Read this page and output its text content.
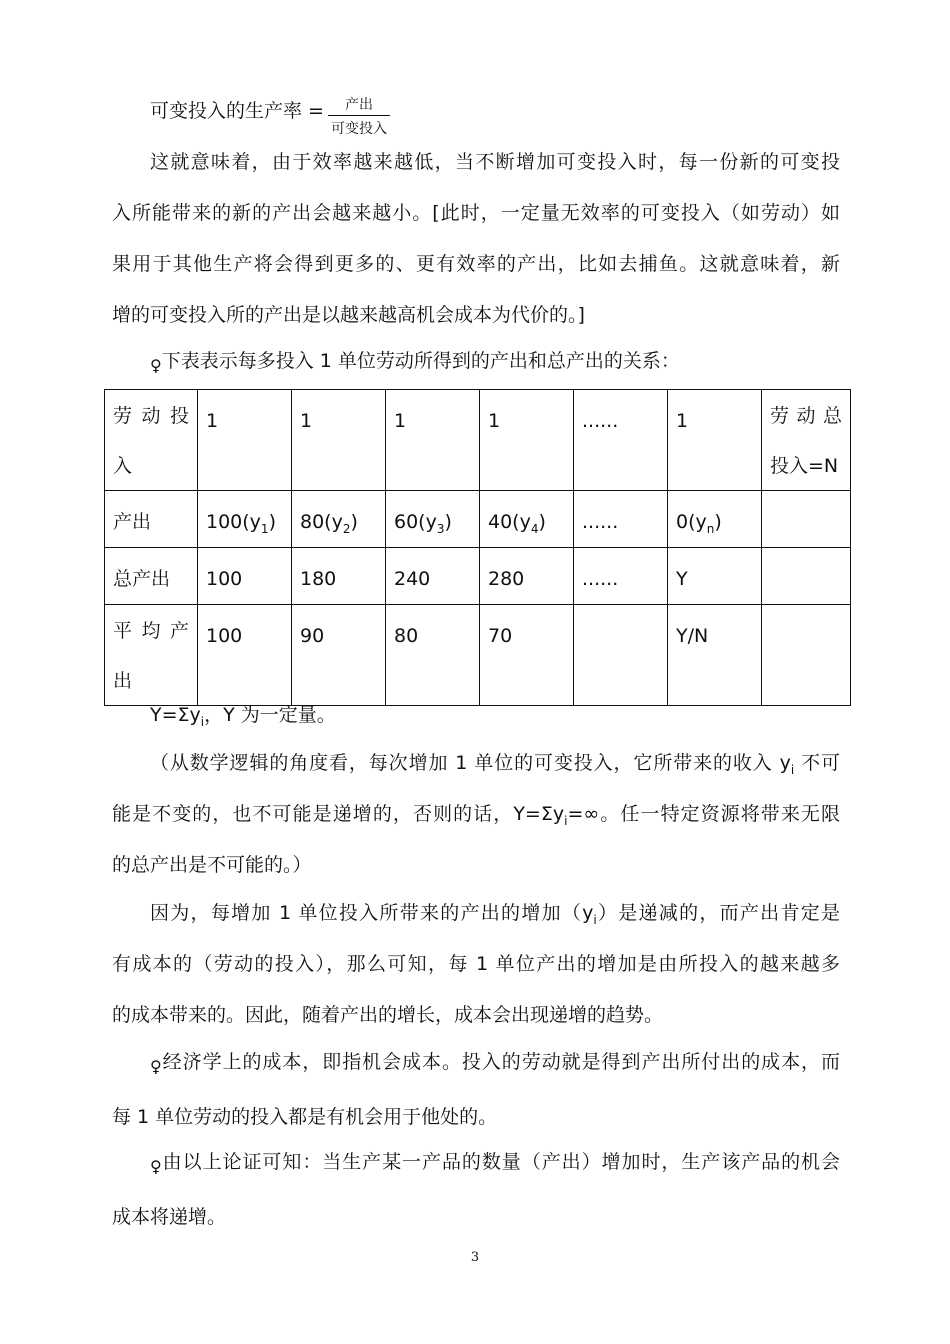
可变投入的生产率 =	产出
可变投入
这就意味着，由于效率越来越低，当不断增加可变投入时，每一份新的可变投
入所能带来的新的产出会越来越小。[此时，一定量无效率的可变投入（如劳动）如
果用于其他生产将会得到更多的、更有效率的产出，比如去捕鱼。这就意味着，新
增的可变投入所的产出是以越来越高机会成本为代价的。]
$_♀$下表表示每多投入 1 单位劳动所得到的产出和总产出的关系：
劳 动 投
入	1	1	1	1	......	1	劳 动 总
投入=N

产出	$100(y_1)$	$80(y_2)$	$60(y_3)$	$40(y_4)$	......	$0(y_n)$	
总产出	100	180	240	280	......	Y	

平 均 产
出	100	90	80	70		Y/N	
$Y=\Sigma y_i$，Y 为一定量。
（从数学逻辑的角度看，每次增加 1 单位的可变投入，它所带来的收入 $y_i$ 不可
能是不变的，也不可能是递增的，否则的话，$Y=\Sigma y_i=\infty$。任一特定资源将带来无限
的总产出是不可能的。）
因为，每增加 1 单位投入所带来的产出的增加$(y_i)$是递减的，而产出肯定是
有成本的（劳动的投入），那么可知，每 1 单位产出的增加是由所投入的越来越多
的成本带来的。因此，随着产出的增长，成本会出现递增的趋势。
$_♀$经济学上的成本，即指机会成本。投入的劳动就是得到产出所付出的成本，而
每 1 单位劳动的投入都是有机会用于他处的。
$_♀$由以上论证可知：当生产某一产品的数量（产出）增加时，生产该产品的机会
成本将递增。
3
